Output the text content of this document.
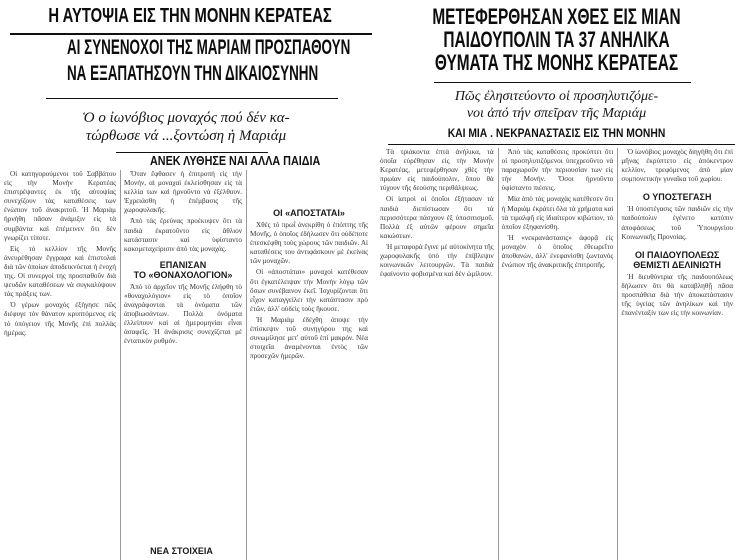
Η ΑΥΤΟΨΙΑ ΕΙΣ ΤΗΝ ΜΟΝΗΝ ΚΕΡΑΤΕΑΣ
ΑΙ ΣΥΝΕΝΟΧΟΙ ΤΗΣ ΜΑΡΙΑΜ ΠΡΟΣΠΑΘΟΥΝ
ΝΑ ΕΞΑΠΑΤΗΣΟΥΝ ΤΗΝ ΔΙΚΑΙΟΣΥΝΗΝ
Ὁ ο ἰωνόβιος μοναχός πού δέν κα-
τώρθωσε νά ...ξοντώση ἡ Μαριάμ
ΑΝΕΚ ΛΥΘΗΣΕ ΝΑΙ ΑΛΛΑ ΠΑΙΔΙΑ

Οἱ κατηγορούμενοι τοῦ Σαββάτου εἰς τὴν Μονήν Κερατέας ἐπιστρέψαντες ἐκ τῆς αὐτοψίας συνεχίζουν τὰς καταθέσεις των ἐνώπιον τοῦ ἀνακριτοῦ. Ἡ Μαριὰμ ἠρνήθη πᾶσαν ἀνάμιξιν εἰς τὰ συμβάντα καὶ ἐπέμεινεν ὅτι δὲν γνωρίζει τίποτε.

Εἰς τὸ κελλίον τῆς Μονῆς ἀνευρέθησαν ἔγγραφα καὶ ἐπιστολαὶ διὰ τῶν ὁποίων ἀποδεικνύεται ἡ ἐνοχή της. Οἱ συνεργοί της προσπαθοῦν διὰ ψευδῶν καταθέσεων νὰ συγκαλύψουν τὰς πράξεις των.

Ὁ γέρων μοναχὸς ἐξήγησε πῶς διέφυγε τὸν θάνατον κρυπτόμενος εἰς τὸ ὑπόγειον τῆς Μονῆς ἐπὶ πολλὰς ἡμέρας.

Ὅταν ἔφθασεν ἡ ἐπιτροπή εἰς τὴν Μονήν, αἱ μοναχαὶ ἐκλείσθησαν εἰς τὰ κελλία των καὶ ἠρνοῦντο νὰ ἐξέλθουν. Ἐχρειάσθη ἡ ἐπέμβασις τῆς χωροφυλακῆς.

Ἀπὸ τὰς ἐρεύνας προέκυψεν ὅτι τὰ παιδιὰ ἐκρατοῦντο εἰς ἄθλιον κατάστασιν καὶ ὑφίσταντο κακομεταχείρισιν ἀπὸ τὰς μοναχάς.

ΕΠΑΝΙΣΑΝ
ΤΟ «ΘΟΝΑΧΟΛΟΓΙΟΝ»

Ἀπὸ τὸ ἀρχεῖον τῆς Μονῆς ἐλήφθη τὸ «θοναχολόγιον» εἰς τὸ ὁποῖον ἀναγράφονται τὰ ὀνόματα τῶν ἀποβιωσάντων. Πολλὰ ὀνόματα ἐλλείπουν καὶ αἱ ἡμερομηνίαι εἶναι ἀσαφεῖς. Ἡ ἀνάκρισις συνεχίζεται μὲ ἐντατικὸν ρυθμόν.

ΝΕΑ ΣΤΟΙΧΕΙΑ
ΟΙ «ΑΠΟΣΤΑΤΑΙ»

Χθὲς τὸ πρωῒ ἀνεκρίθη ὁ ἐπόπτης τῆς Μονῆς, ὁ ὁποῖος ἐδήλωσεν ὅτι οὐδέποτε ἐπεσκέφθη τοὺς χώρους τῶν παιδιῶν. Αἱ καταθέσεις του ἀντιφάσκουν μὲ ἐκείνας τῶν μοναχῶν.

Οἱ «ἀποστάται» μοναχοὶ κατέθεσαν ὅτι ἐγκατέλειψαν τὴν Μονὴν λόγῳ τῶν ὅσων συνέβαινον ἐκεῖ. Ἰσχυρίζονται ὅτι εἶχον καταγγείλει τὴν κατάστασιν πρὸ ἐτῶν, ἀλλ' οὐδεὶς τοὺς ἤκουσε.

Ἡ Μαριὰμ ἐδέχθη ἀποψε τὴν ἐπίσκεψιν τοῦ συνηγόρου της καὶ συνωμίλησε μετ' αὐτοῦ ἐπὶ μακρόν. Νέα στοιχεῖα ἀναμένονται ἐντὸς τῶν προσεχῶν ἡμερῶν.

ΜΕΤΕΦΕΡΘΗΣΑΝ ΧΘΕΣ ΕΙΣ ΜΙΑΝ
ΠΑΙΔΟΥΠΟΛΙΝ ΤΑ 37 ΑΝΗΛΙΚΑ
ΘΥΜΑΤΑ ΤΗΣ ΜΟΝΗΣ ΚΕΡΑΤΕΑΣ
Πῶς ἐλησιτεύοντο οἱ προσηλυτιζόμε-
νοι ἀπό τήν σπεῖραν τῆς Μαριάμ
ΚΑΙ ΜΙΑ . ΝΕΚΡΑΝΑΣΤΑΣΙΣ ΕΙΣ ΤΗΝ ΜΟΝΗΝ

Τὰ τριάκοντα ἑπτὰ ἀνήλικα, τὰ ὁποῖα εὑρέθησαν εἰς τὴν Μονὴν Κερατέας, μετεφέρθησαν χθὲς τὴν πρωίαν εἰς παιδούπολιν, ὅπου θὰ τύχουν τῆς δεούσης περιθάλψεως.

Οἱ ἰατροὶ οἱ ὁποῖοι ἐξήτασαν τὰ παιδιὰ διεπίστωσαν ὅτι τὰ περισσότερα πάσχουν ἐξ ὑποσιτισμοῦ. Πολλὰ ἐξ αὐτῶν φέρουν σημεῖα κακώσεων.

Ἡ μεταφορὰ ἔγινε μὲ αὐτοκίνητα τῆς χωροφυλακῆς ὑπὸ τὴν ἐπίβλεψιν κοινωνικῶν λειτουργῶν. Τὰ παιδιὰ ἐφαίνοντο φοβισμένα καὶ δὲν ὡμίλουν.

Ἀπὸ τὰς καταθέσεις προκύπτει ὅτι οἱ προσηλυτιζόμενοι ὑπεχρεοῦντο νὰ παραχωροῦν τὴν περιουσίαν των εἰς τὴν Μονήν. Ὅσοι ἠρνοῦντο ὑφίσταντο πιέσεις.

Μία ἀπὸ τὰς μοναχὰς κατέθεσεν ὅτι ἡ Μαριὰμ ἐκράτει ὅλα τὰ χρήματα καὶ τὰ τιμαλφῆ εἰς ἰδιαίτερον κιβώτιον, τὸ ὁποῖον ἐξηφανίσθη.

Ἡ «νεκρανάστασις» ἀφορᾷ εἰς μοναχὸν ὁ ὁποῖος ἐθεωρεῖτο ἀποθανών, ἀλλ' ἐνεφανίσθη ζωντανὸς ἐνώπιον τῆς ἀνακριτικῆς ἐπιτροπῆς.

Ὁ ἰωνόβιος μοναχὸς διηγήθη ὅτι ἐπὶ μῆνας ἐκρύπτετο εἰς ἀπόκεντρον κελλίον, τρεφόμενος ἀπὸ μίαν συμπονετικὴν γυναῖκα τοῦ χωρίου.

Ο ΥΠΟΣΤΕΓΑΣΗ

Ἡ ὑποστέγασις τῶν παιδιῶν εἰς τὴν παιδούπολιν ἐγένετο κατόπιν ἀποφάσεως τοῦ Ὑπουργείου Κοινωνικῆς Προνοίας.

ΟΙ ΠΑΙΔΟΥΠΟΛΕΩΣ
ΘΕΜΙΣΤΙ ΔΕΛΙΝΙΩΤΗ

Ἡ διευθύντρια τῆς παιδουπόλεως δήλωσεν ὅτι θὰ καταβληθῇ πᾶσα προσπάθεια διὰ τὴν ἀποκατάστασιν τῆς ὑγείας τῶν ἀνηλίκων καὶ τὴν ἐπανένταξίν των εἰς τὴν κοινωνίαν.
